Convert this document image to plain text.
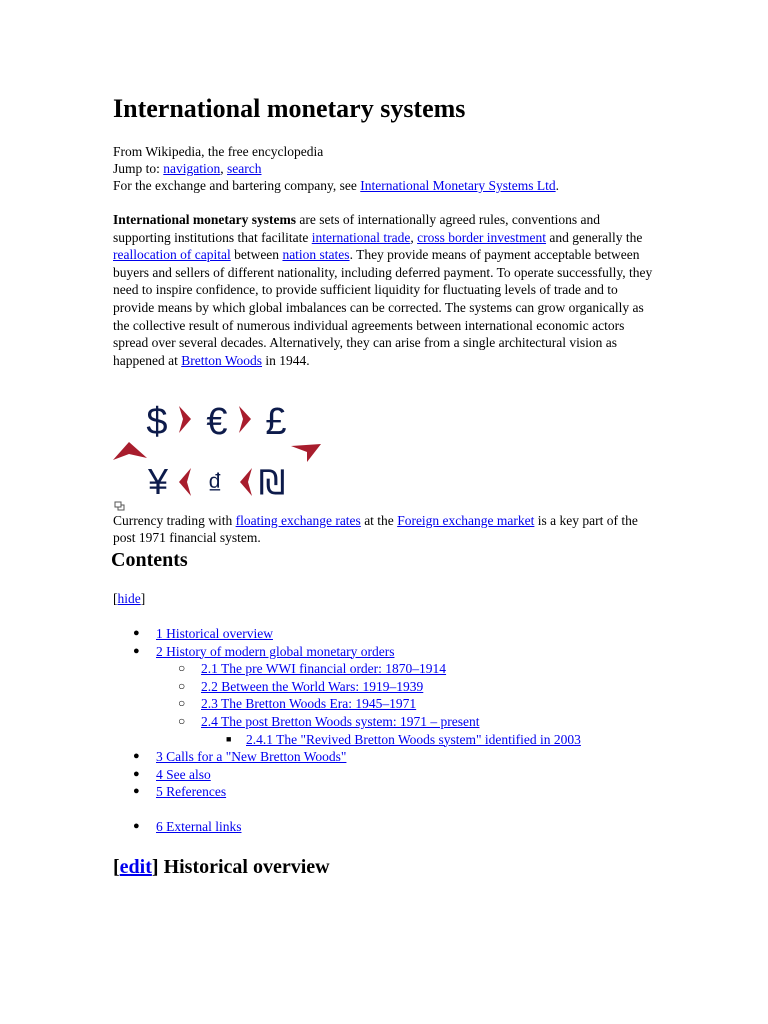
International monetary systems
From Wikipedia, the free encyclopedia
Jump to: navigation, search
For the exchange and bartering company, see International Monetary Systems Ltd.

International monetary systems are sets of internationally agreed rules, conventions and supporting institutions that facilitate international trade, cross border investment and generally the reallocation of capital between nation states. They provide means of payment acceptable between buyers and sellers of different nationality, including deferred payment. To operate successfully, they need to inspire confidence, to provide sufficient liquidity for fluctuating levels of trade and to provide means by which global imbalances can be corrected. The systems can grow organically as the collective result of numerous individual agreements between international economic actors spread over several decades. Alternatively, they can arise from a single architectural vision as happened at Bretton Woods in 1944.

$ € £
¥ ₫ ₪
Currency trading with floating exchange rates at the Foreign exchange market is a key part of the post 1971 financial system.
Contents
[hide]
● 1 Historical overview
● 2 History of modern global monetary orders
○ 2.1 The pre WWI financial order: 1870–1914
○ 2.2 Between the World Wars: 1919–1939
○ 2.3 The Bretton Woods Era: 1945–1971
○ 2.4 The post Bretton Woods system: 1971 – present
■ 2.4.1 The "Revived Bretton Woods system" identified in 2003
● 3 Calls for a "New Bretton Woods"
● 4 See also
● 5 References
● 6 External links
[edit] Historical overview
